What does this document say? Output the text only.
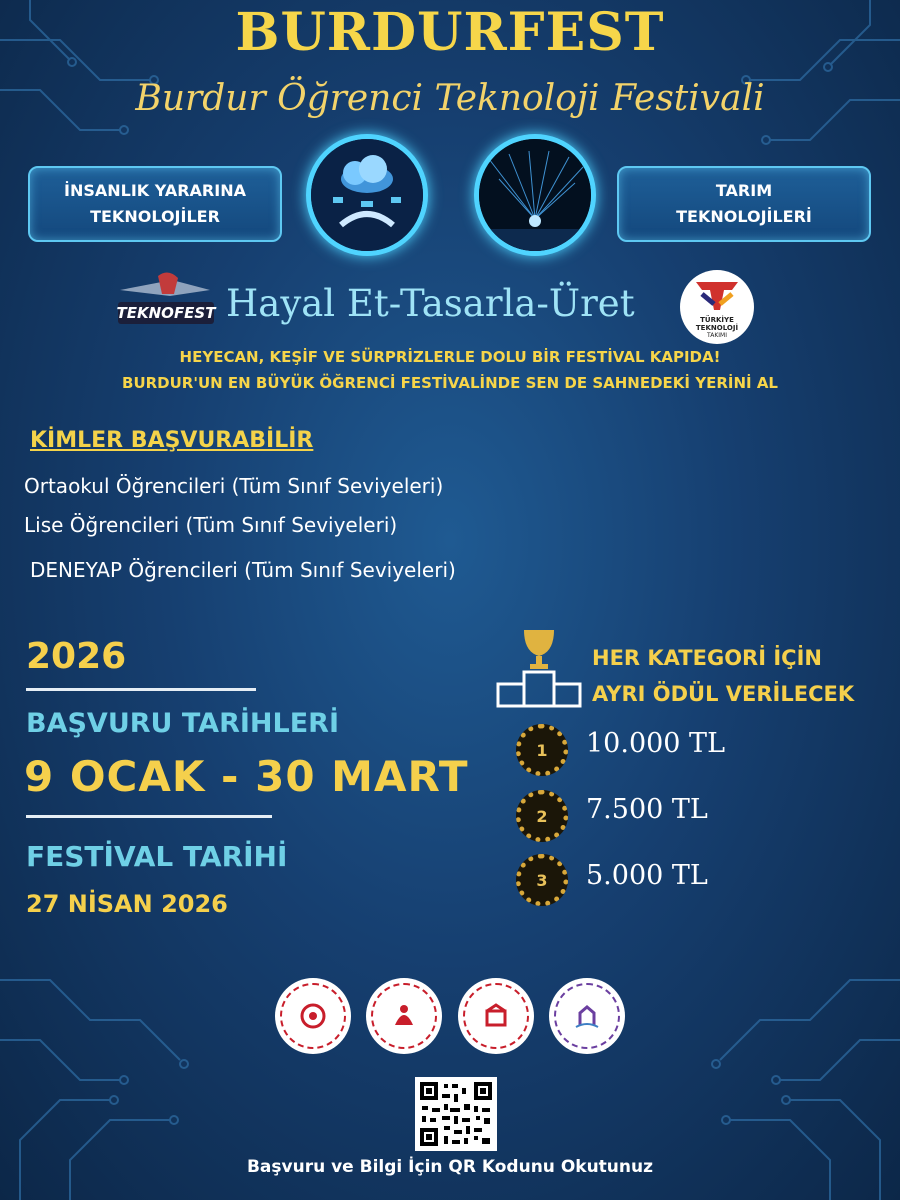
BURDURFEST
Burdur Öğrenci Teknoloji Festivali
İNSANLIK YARARINA
TEKNOLOJİLER
TARIM
TEKNOLOJİLERİ
TEKNOFEST Hayal Et-Tasarla-Üret	TÜRKİYE
TEKNOLOJİ
TAKIMI
HEYECAN, KEŞİF VE SÜRPRİZLERLE DOLU BİR FESTİVAL KAPIDA!
BURDUR'UN EN BÜYÜK ÖĞRENCİ FESTİVALİNDE SEN DE SAHNEDEKİ YERİNİ AL
KİMLER BAŞVURABİLİR
Ortaokul Öğrencileri (Tüm Sınıf Seviyeleri)
Lise Öğrencileri (Tüm Sınıf Seviyeleri)
DENEYAP Öğrencileri (Tüm Sınıf Seviyeleri)
2026
BAŞVURU TARİHLERİ
9 OCAK - 30 MART
FESTİVAL TARİHİ
27 NİSAN 2026
HER KATEGORİ İÇİN
AYRI ÖDÜL VERİLECEK
1 10.000 TL
2 7.500 TL
3 5.000 TL
Başvuru ve Bilgi İçin QR Kodunu Okutunuz
